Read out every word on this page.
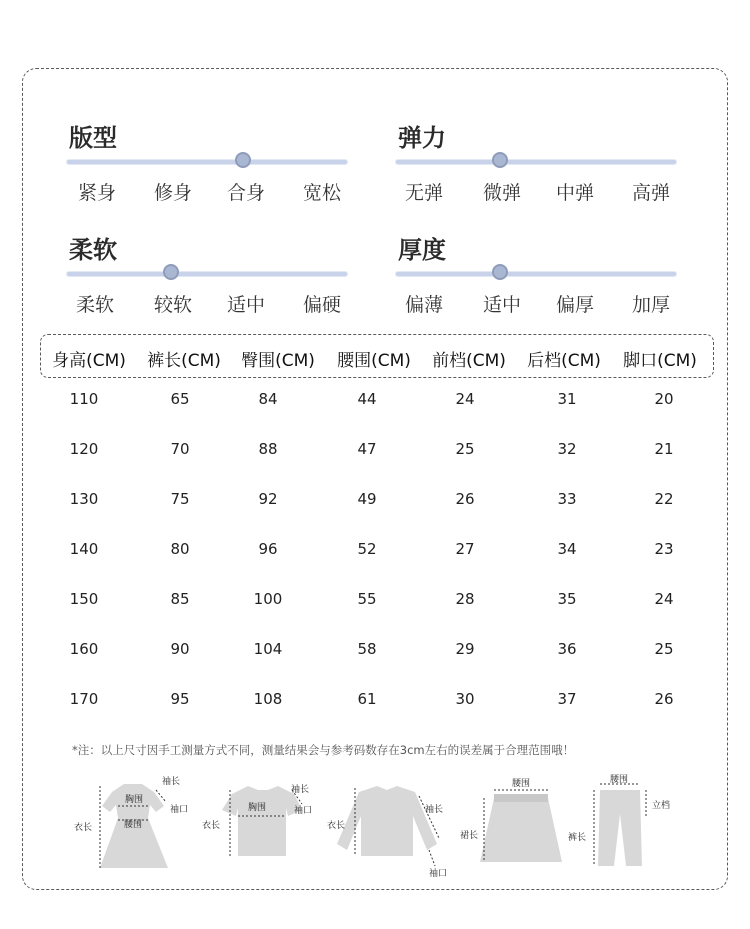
版型
紧身 修身 合身 宽松
弹力
无弹 微弹 中弹 高弹
柔软
柔软 较软 适中 偏硬
厚度
偏薄 适中 偏厚 加厚
身高(CM) 裤长(CM) 臀围(CM) 腰围(CM) 前档(CM) 后档(CM) 脚口(CM)
110	65	84	44	24	31	20
120	70	88	47	25	32	21
130	75	92	49	26	33	22
140	80	96	52	27	34	23
150	85	100	55	28	35	24
160	90	104	58	29	36	25
170	95	108	61	30	37	26
*注：以上尺寸因手工测量方式不同，测量结果会与参考码数存在3cm左右的误差属于合理范围哦！
袖长
胸围
袖口
腰围
衣长
袖长
胸围	袖口
衣长
袖长
衣长
袖口
腰围
裙长
腰围
立档
裤长
